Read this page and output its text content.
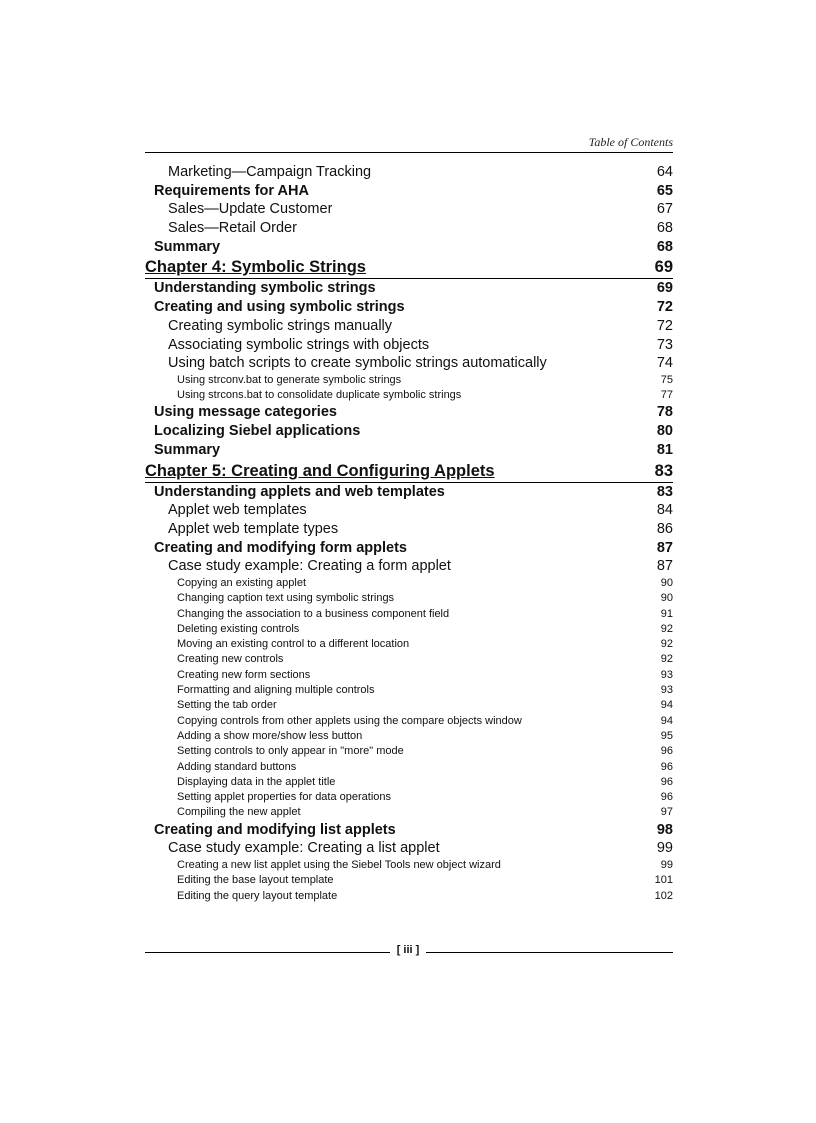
Table of Contents
Marketing—Campaign Tracking	64
Requirements for AHA	65
Sales—Update Customer	67
Sales—Retail Order	68
Summary	68
Chapter 4: Symbolic Strings	69
Understanding symbolic strings	69
Creating and using symbolic strings	72
Creating symbolic strings manually	72
Associating symbolic strings with objects	73
Using batch scripts to create symbolic strings automatically	74
Using strconv.bat to generate symbolic strings	75
Using strcons.bat to consolidate duplicate symbolic strings	77
Using message categories	78
Localizing Siebel applications	80
Summary	81
Chapter 5: Creating and Configuring Applets	83
Understanding applets and web templates	83
Applet web templates	84
Applet web template types	86
Creating and modifying form applets	87
Case study example: Creating a form applet	87
Copying an existing applet	90
Changing caption text using symbolic strings	90
Changing the association to a business component field	91
Deleting existing controls	92
Moving an existing control to a different location	92
Creating new controls	92
Creating new form sections	93
Formatting and aligning multiple controls	93
Setting the tab order	94
Copying controls from other applets using the compare objects window	94
Adding a show more/show less button	95
Setting controls to only appear in "more" mode	96
Adding standard buttons	96
Displaying data in the applet title	96
Setting applet properties for data operations	96
Compiling the new applet	97
Creating and modifying list applets	98
Case study example: Creating a list applet	99
Creating a new list applet using the Siebel Tools new object wizard	99
Editing the base layout template	101
Editing the query layout template	102
[ iii ]
